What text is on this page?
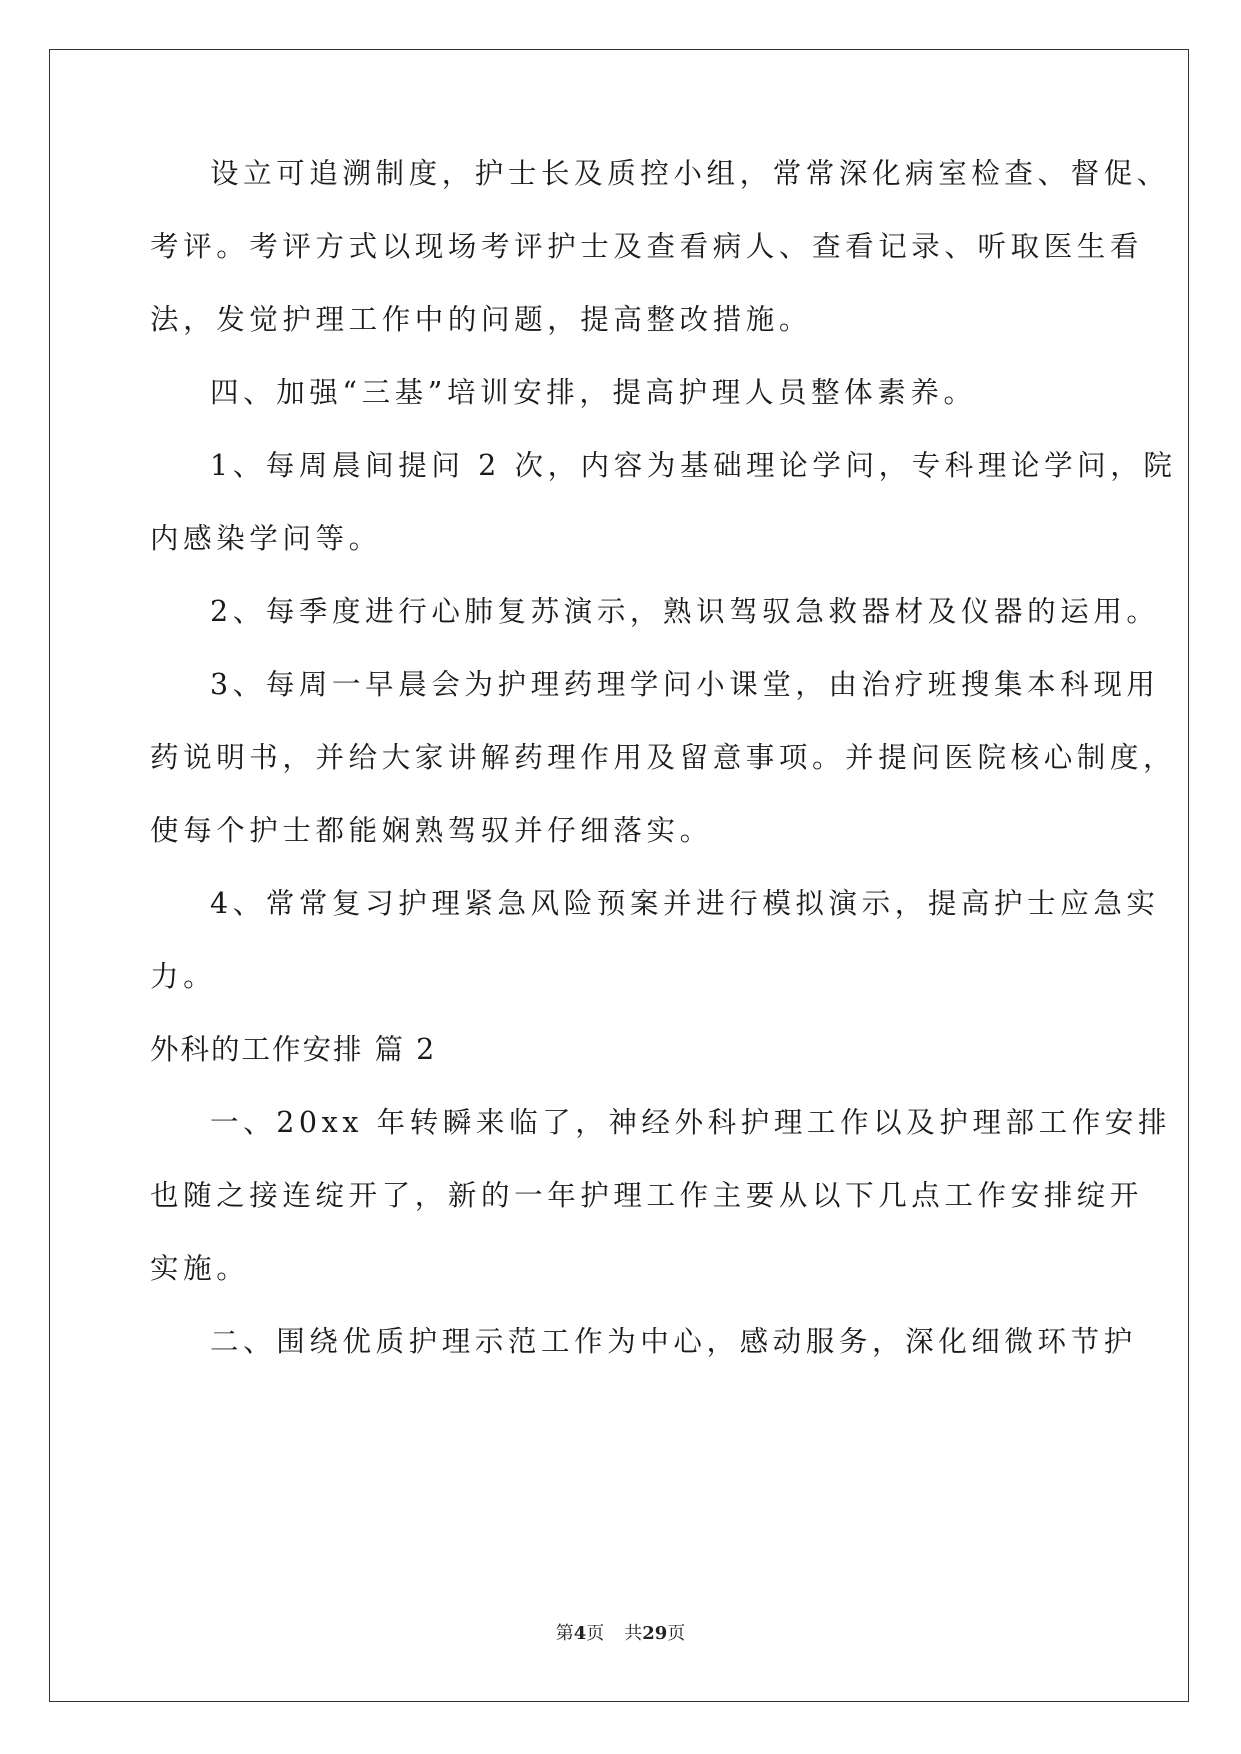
设立可追溯制度，护士长及质控小组，常常深化病室检查、督促、
考评。考评方式以现场考评护士及查看病人、查看记录、听取医生看
法，发觉护理工作中的问题，提高整改措施。
四、加强“三基”培训安排，提高护理人员整体素养。
1、每周晨间提问 2 次，内容为基础理论学问，专科理论学问，院
内感染学问等。
2、每季度进行心肺复苏演示，熟识驾驭急救器材及仪器的运用。
3、每周一早晨会为护理药理学问小课堂，由治疗班搜集本科现用
药说明书，并给大家讲解药理作用及留意事项。并提问医院核心制度，
使每个护士都能娴熟驾驭并仔细落实。
4、常常复习护理紧急风险预案并进行模拟演示，提高护士应急实
力。
外科的工作安排 篇 2
一、20xx 年转瞬来临了，神经外科护理工作以及护理部工作安排
也随之接连绽开了，新的一年护理工作主要从以下几点工作安排绽开
实施。
二、围绕优质护理示范工作为中心，感动服务，深化细微环节护
第4页 共29页
